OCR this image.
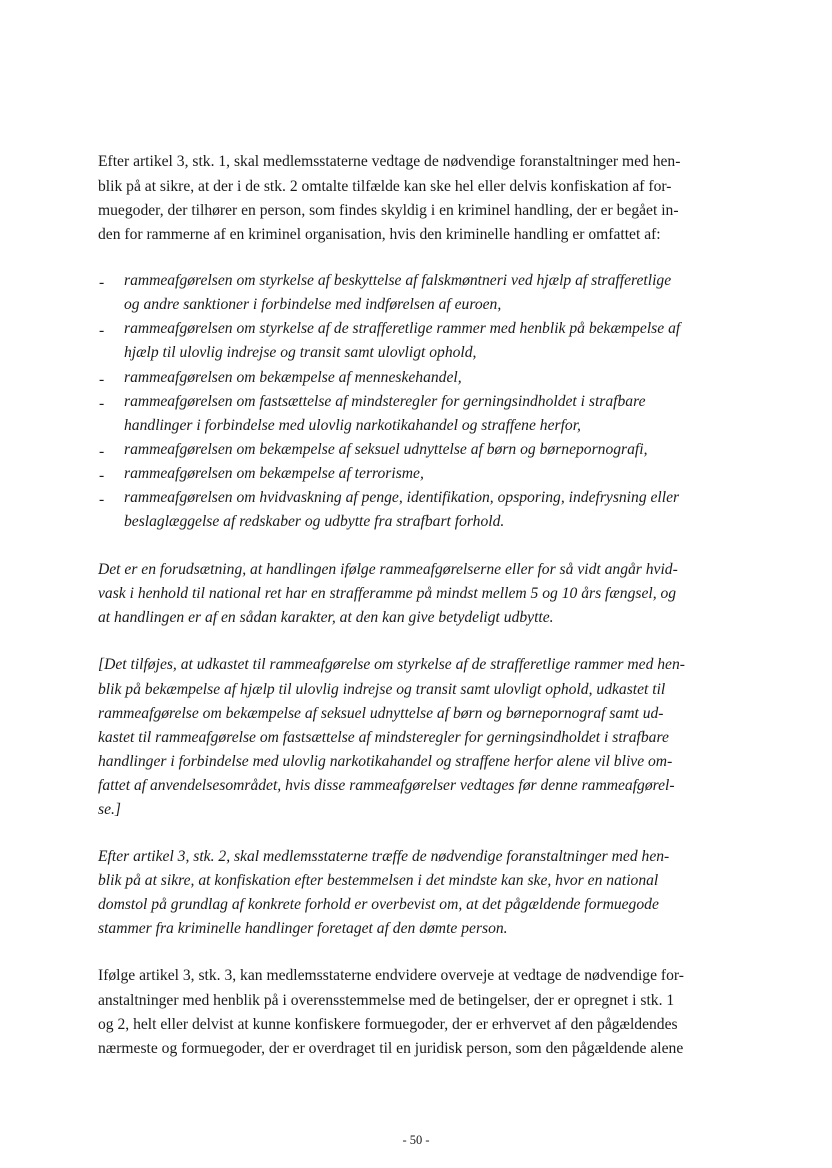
Efter artikel 3, stk. 1, skal medlemsstaterne vedtage de nødvendige foranstaltninger med hen-

blik på at sikre, at der i de stk. 2 omtalte tilfælde kan ske hel eller delvis konfiskation af for-

muegoder, der tilhører en person, som findes skyldig i en kriminel handling, der er begået in-

den for rammerne af en kriminel organisation, hvis den kriminelle handling er omfattet af:

- rammeafgørelsen om styrkelse af beskyttelse af falskmøntneri ved hjælp af strafferetlige

og andre sanktioner i forbindelse med indførelsen af euroen,

- rammeafgørelsen om styrkelse af de strafferetlige rammer med henblik på bekæmpelse af

hjælp til ulovlig indrejse og transit samt ulovligt ophold,

- rammeafgørelsen om bekæmpelse af menneskehandel,

- rammeafgørelsen om fastsættelse af mindsteregler for gerningsindholdet i strafbare

handlinger i forbindelse med ulovlig narkotikahandel og straffene herfor,

- rammeafgørelsen om bekæmpelse af seksuel udnyttelse af børn og børnepornografi,

- rammeafgørelsen om bekæmpelse af terrorisme,

- rammeafgørelsen om hvidvaskning af penge, identifikation, opsporing, indefrysning eller

beslaglæggelse af redskaber og udbytte fra strafbart forhold.

Det er en forudsætning, at handlingen ifølge rammeafgørelserne eller for så vidt angår hvid-

vask i henhold til national ret har en strafferamme på mindst mellem 5 og 10 års fængsel, og

at handlingen er af en sådan karakter, at den kan give betydeligt udbytte.

[Det tilføjes, at udkastet til rammeafgørelse om styrkelse af de strafferetlige rammer med hen-

blik på bekæmpelse af hjælp til ulovlig indrejse og transit samt ulovligt ophold, udkastet til

rammeafgørelse om bekæmpelse af seksuel udnyttelse af børn og børnepornograf samt ud-

kastet til rammeafgørelse om fastsættelse af mindsteregler for gerningsindholdet i strafbare

handlinger i forbindelse med ulovlig narkotikahandel og straffene herfor alene vil blive om-

fattet af anvendelsesområdet, hvis disse rammeafgørelser vedtages før denne rammeafgørel-

se.]

Efter artikel 3, stk. 2, skal medlemsstaterne træffe de nødvendige foranstaltninger med hen-

blik på at sikre, at konfiskation efter bestemmelsen i det mindste kan ske, hvor en national

domstol på grundlag af konkrete forhold er overbevist om, at det pågældende formuegode

stammer fra kriminelle handlinger foretaget af den dømte person.

Ifølge artikel 3, stk. 3, kan medlemsstaterne endvidere overveje at vedtage de nødvendige for-

anstaltninger med henblik på i overensstemmelse med de betingelser, der er opregnet i stk. 1

og 2, helt eller delvist at kunne konfiskere formuegoder, der er erhvervet af den pågældendes

nærmeste og formuegoder, der er overdraget til en juridisk person, som den pågældende alene

- 50 -
